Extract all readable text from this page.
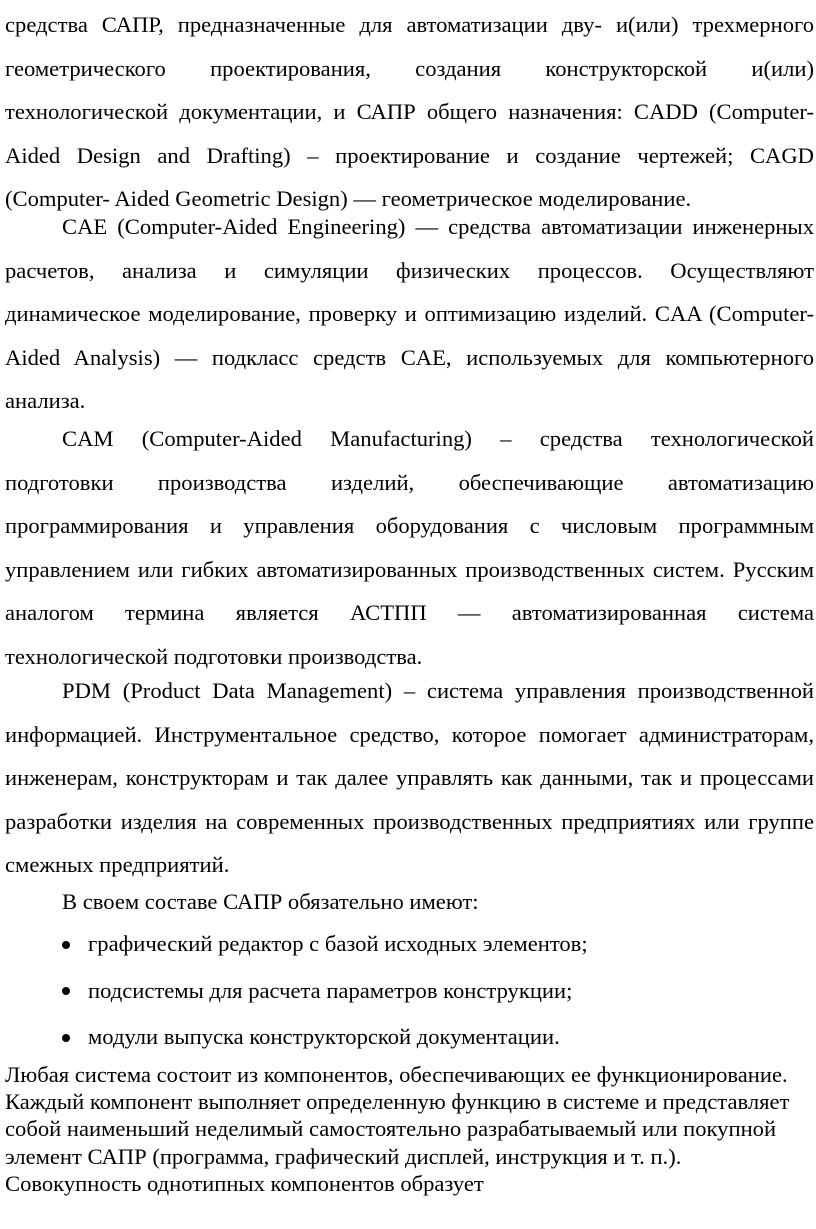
средства САПР, предназначенные для автоматизации дву- и(или) трехмерного геометрического проектирования, создания конструкторской и(или) технологической документации, и САПР общего назначения: CADD (Computer-Aided Design and Drafting) – проектирование и создание чертежей; CAGD (Computer- Aided Geometric Design) — геометрическое моделирование.

CAE (Computer-Aided Engineering) — средства автоматизации инженерных расчетов, анализа и симуляции физических процессов. Осуществляют динамическое моделирование, проверку и оптимизацию изделий. CAA (Computer-Aided Analysis) — подкласс средств CAE, используемых для компьютерного анализа.

CAM (Computer-Aided Manufacturing) – средства технологической подготовки производства изделий, обеспечивающие автоматизацию программирования и управления оборудования с числовым программным управлением или гибких автоматизированных производственных систем. Русским аналогом термина является АСТПП — автоматизированная система технологической подготовки производства.

PDM (Product Data Management) – система управления производственной информацией. Инструментальное средство, которое помогает администраторам, инженерам, конструкторам и так далее управлять как данными, так и процессами разработки изделия на современных производственных предприятиях или группе смежных предприятий.

В своем составе САПР обязательно имеют:

графический редактор с базой исходных элементов;
подсистемы для расчета параметров конструкции;
модули выпуска конструкторской документации.

Любая система состоит из компонентов, обеспечивающих ее функционирование. Каждый компонент выполняет определенную функцию в системе и представляет собой наименьший неделимый самостоятельно разрабатываемый или покупной элемент САПР (программа, графический дисплей, инструкция и т. п.). Совокупность однотипных компонентов образует
